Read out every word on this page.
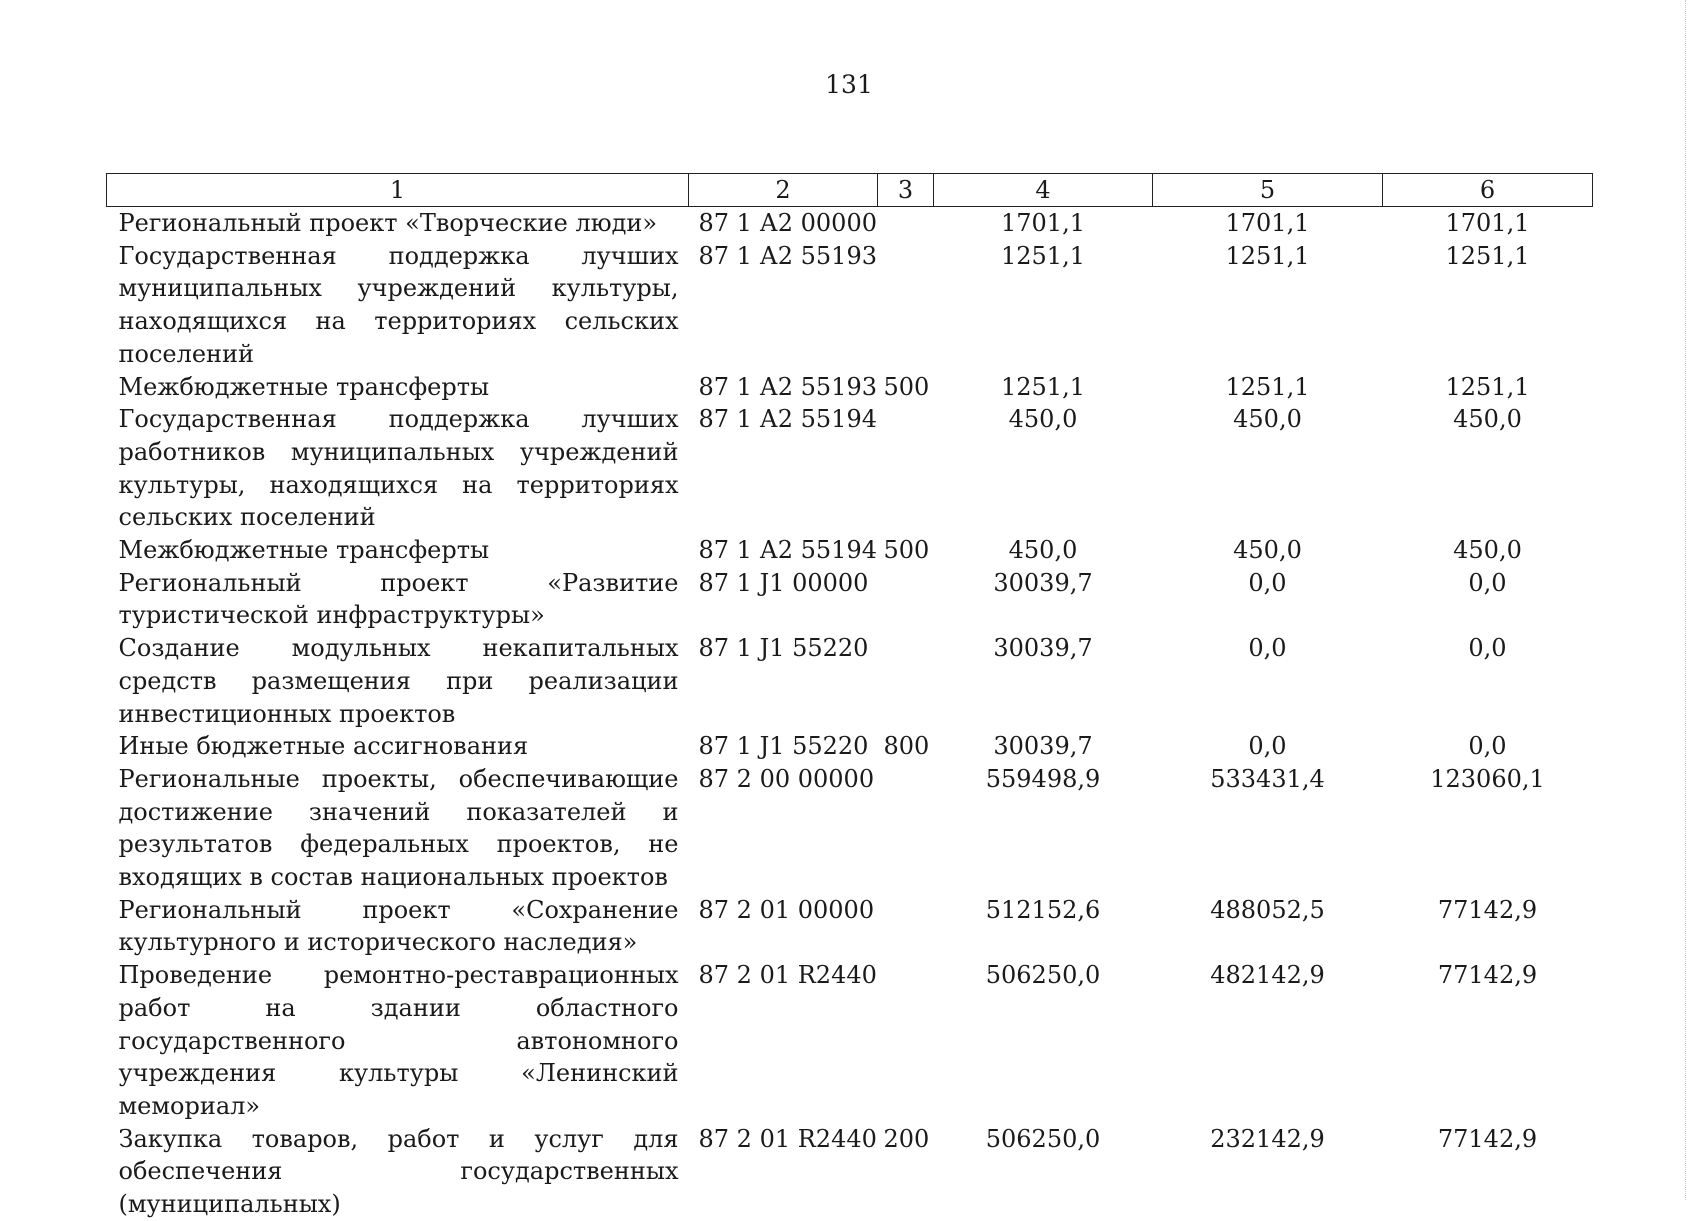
131
1	2	3	4	5	6
Региональный проект «Творческие люди»	87 1 А2 00000		1701,1	1701,1	1701,1
Государственная поддержка лучших муниципальных учреждений культуры, находящихся на территориях сельских поселений	87 1 А2 55193		1251,1	1251,1	1251,1
Межбюджетные трансферты	87 1 А2 55193	500	1251,1	1251,1	1251,1
Государственная поддержка лучших работников муниципальных учреждений культуры, находящихся на территориях сельских поселений	87 1 А2 55194		450,0	450,0	450,0
Межбюджетные трансферты	87 1 А2 55194	500	450,0	450,0	450,0
Региональный проект «Развитие туристической инфраструктуры»	87 1 J1 00000		30039,7	0,0	0,0
Создание модульных некапитальных средств размещения при реализации инвестиционных проектов	87 1 J1 55220		30039,7	0,0	0,0
Иные бюджетные ассигнования	87 1 J1 55220	800	30039,7	0,0	0,0
Региональные проекты, обеспечивающие достижение значений показателей и результатов федеральных проектов, не входящих в состав национальных проектов	87 2 00 00000		559498,9	533431,4	123060,1
Региональный проект «Сохранение культурного и исторического наследия»	87 2 01 00000		512152,6	488052,5	77142,9
Проведение ремонтно-реставрационных работ на здании областного государственного автономного учреждения культуры «Ленинский мемориал»	87 2 01 R2440		506250,0	482142,9	77142,9
Закупка товаров, работ и услуг для обеспечения государственных (муниципальных)	87 2 01 R2440	200	506250,0	232142,9	77142,9
